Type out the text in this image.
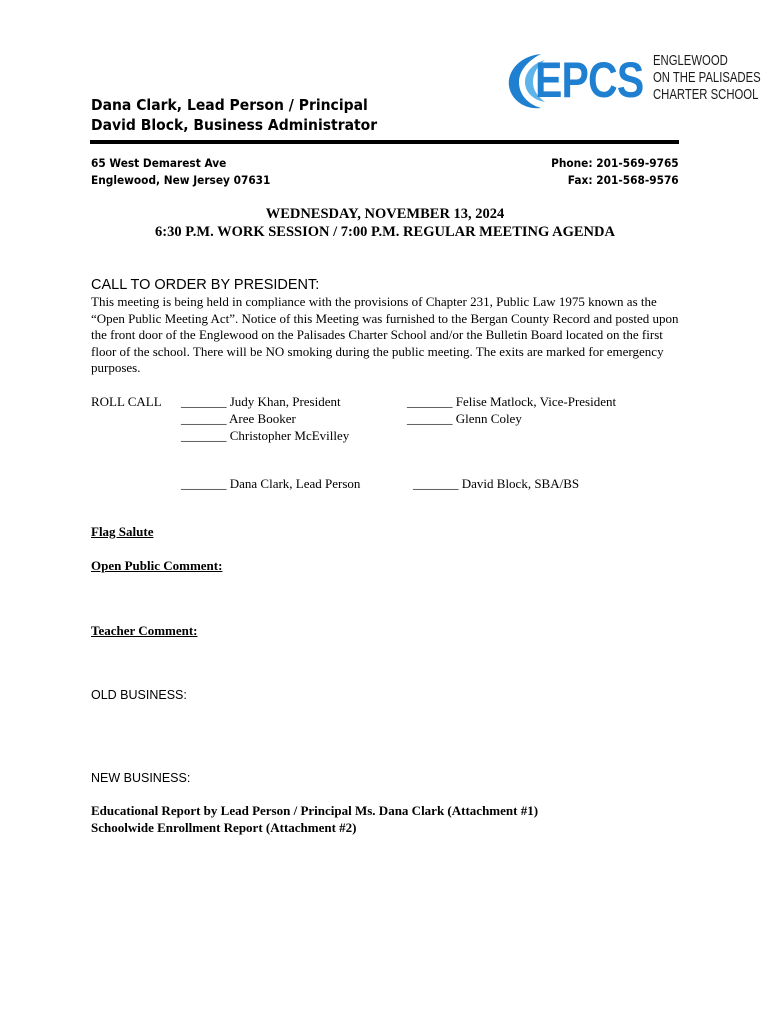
EPCS ENGLEWOOD
ON THE PALISADES
CHARTER SCHOOL
Dana Clark, Lead Person / Principal
David Block, Business Administrator
65 West Demarest Ave
Englewood, New Jersey 07631
Phone: 201-569-9765
Fax: 201-568-9576
WEDNESDAY, NOVEMBER 13, 2024
6:30 P.M. WORK SESSION / 7:00 P.M. REGULAR MEETING AGENDA
CALL TO ORDER BY PRESIDENT:
This meeting is being held in compliance with the provisions of Chapter 231, Public Law 1975 known as the “Open Public Meeting Act”. Notice of this Meeting was furnished to the Bergan County Record and posted upon the front door of the Englewood on the Palisades Charter School and/or the Bulletin Board located on the first floor of the school. There will be NO smoking during the public meeting. The exits are marked for emergency purposes.
ROLL CALL _______ Judy Khan, President
_______ Aree Booker
_______ Christopher McEvilley
_______ Felise Matlock, Vice-President
_______ Glenn Coley
_______ Dana Clark, Lead Person	_______ David Block, SBA/BS
Flag Salute
Open Public Comment:
Teacher Comment:
OLD BUSINESS:
NEW BUSINESS:
Educational Report by Lead Person / Principal Ms. Dana Clark (Attachment #1)
Schoolwide Enrollment Report (Attachment #2)
